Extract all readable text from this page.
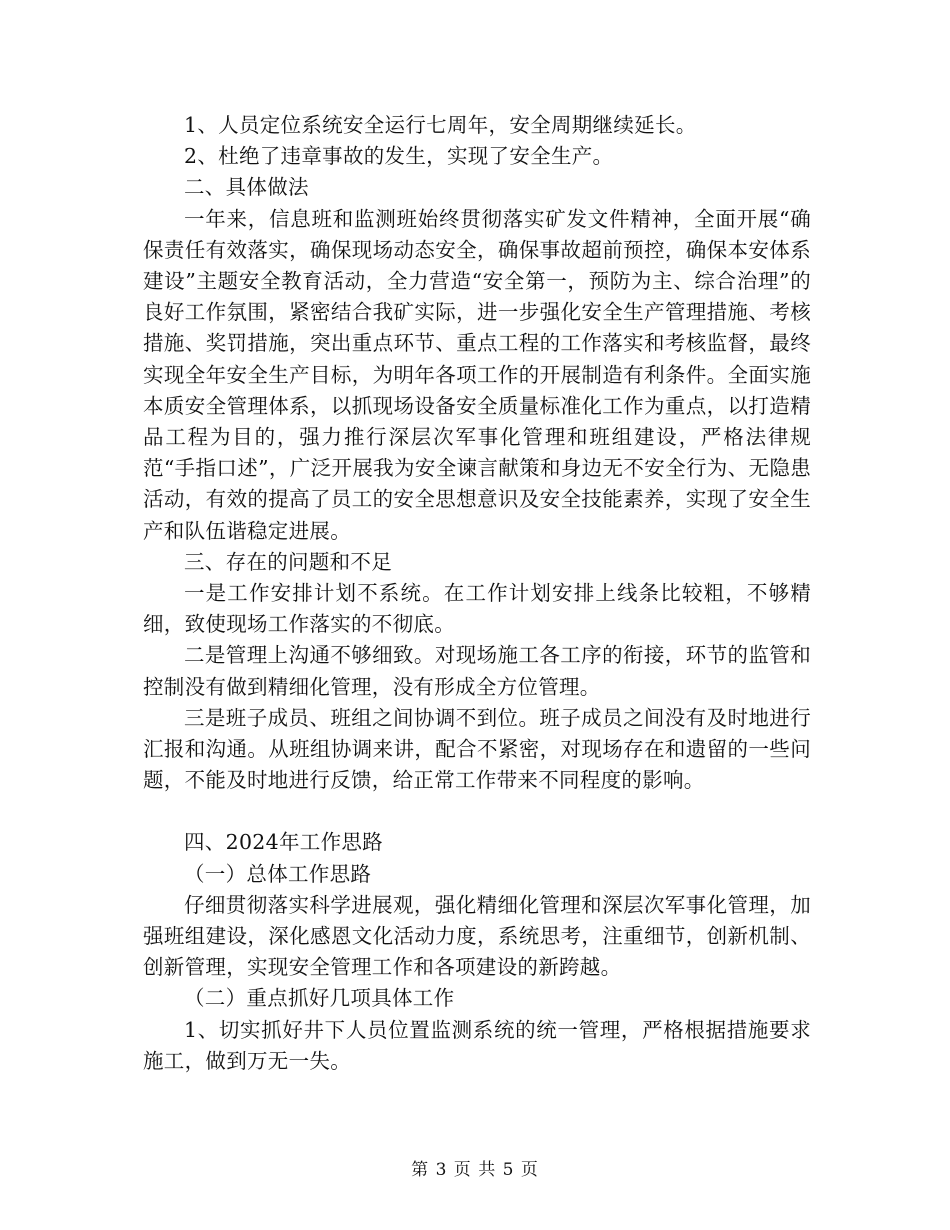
1、人员定位系统安全运行七周年，安全周期继续延长。

2、杜绝了违章事故的发生，实现了安全生产。

二、具体做法

一年来，信息班和监测班始终贯彻落实矿发文件精神，全面开展“确保责任有效落实，确保现场动态安全，确保事故超前预控，确保本安体系建设”主题安全教育活动，全力营造“安全第一，预防为主、综合治理”的良好工作氛围，紧密结合我矿实际，进一步强化安全生产管理措施、考核措施、奖罚措施，突出重点环节、重点工程的工作落实和考核监督，最终实现全年安全生产目标，为明年各项工作的开展制造有利条件。全面实施本质安全管理体系，以抓现场设备安全质量标准化工作为重点，以打造精品工程为目的，强力推行深层次军事化管理和班组建设，严格法律规范“手指口述”，广泛开展我为安全谏言献策和身边无不安全行为、无隐患活动，有效的提高了员工的安全思想意识及安全技能素养，实现了安全生产和队伍谐稳定进展。

三、存在的问题和不足

一是工作安排计划不系统。在工作计划安排上线条比较粗，不够精细，致使现场工作落实的不彻底。

二是管理上沟通不够细致。对现场施工各工序的衔接，环节的监管和控制没有做到精细化管理，没有形成全方位管理。

三是班子成员、班组之间协调不到位。班子成员之间没有及时地进行汇报和沟通。从班组协调来讲，配合不紧密，对现场存在和遗留的一些问题，不能及时地进行反馈，给正常工作带来不同程度的影响。

四、2024年工作思路

（一）总体工作思路

仔细贯彻落实科学进展观，强化精细化管理和深层次军事化管理，加强班组建设，深化感恩文化活动力度，系统思考，注重细节，创新机制、创新管理，实现安全管理工作和各项建设的新跨越。

（二）重点抓好几项具体工作

1、切实抓好井下人员位置监测系统的统一管理，严格根据措施要求施工，做到万无一失。

第 3 页 共 5 页
